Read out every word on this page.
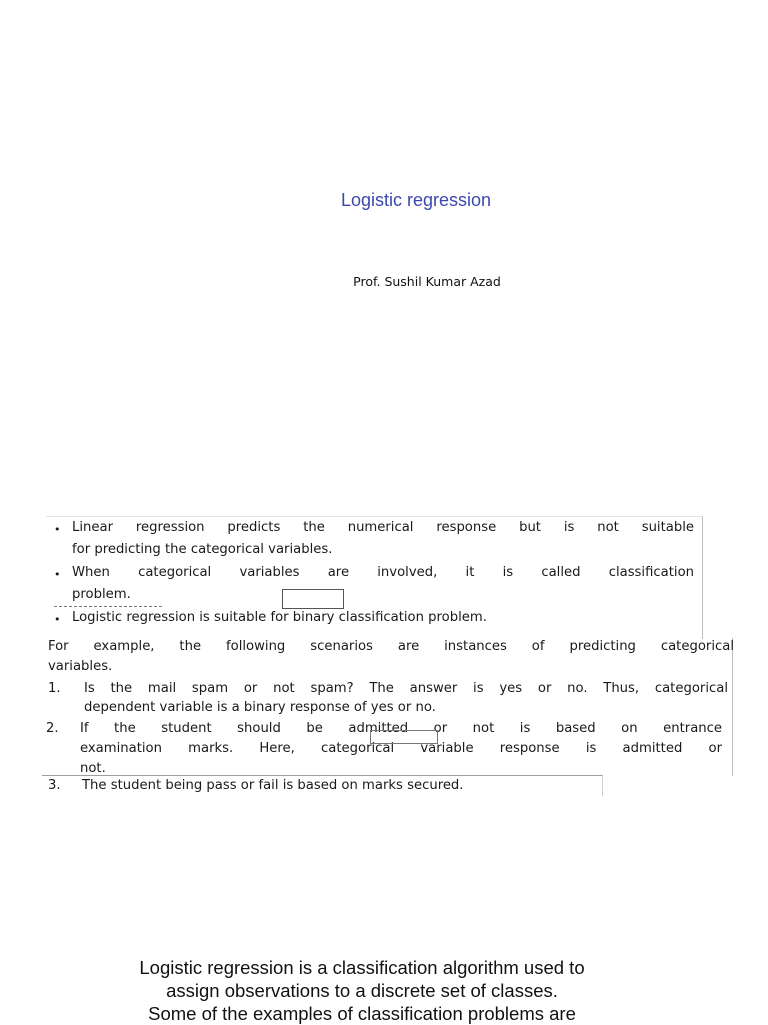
Logistic regression
Prof. Sushil Kumar Azad
• Linear regression predicts the numerical response but is not suitable
for predicting the categorical variables.
• When categorical variables are involved, it is called classification
problem.
• Logistic regression is suitable for binary classification problem.
For example, the following scenarios are instances of predicting categorical
variables.
1. Is the mail spam or not spam? The answer is yes or no. Thus, categorical
dependent variable is a binary response of yes or no.
2. If the student should be admitted or not is based on entrance
examination marks. Here, categorical variable response is admitted or
not.
3. The student being pass or fail is based on marks secured.
Logistic regression is a classification algorithm used to
assign observations to a discrete set of classes.
Some of the examples of classification problems are
